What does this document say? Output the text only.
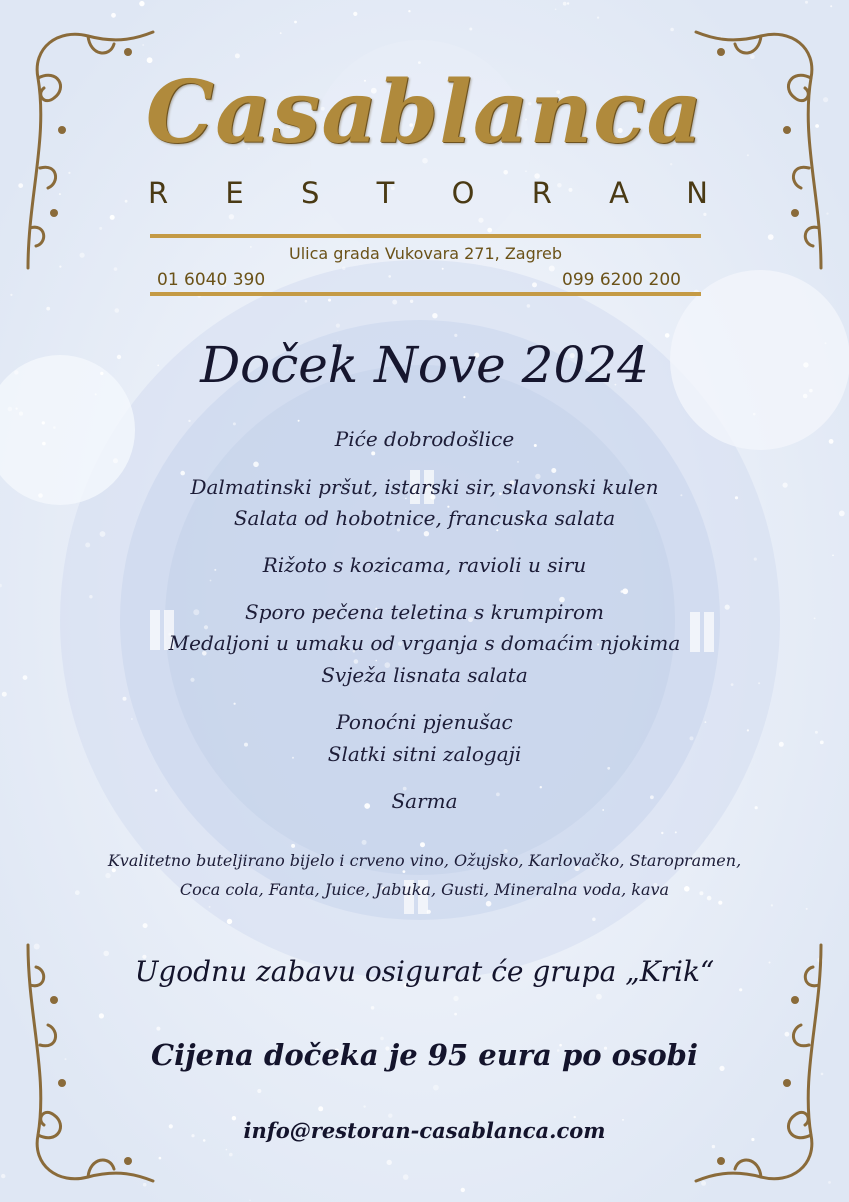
Casablanca
R E S T O R A N
Ulica grada Vukovara 271, Zagreb
01 6040 390	099 6200 200
Doček Nove 2024
Piće dobrodošlice
Dalmatinski pršut, istarski sir, slavonski kulen
Salata od hobotnice, francuska salata
Rižoto s kozicama, ravioli u siru
Sporo pečena teletina s krumpirom
Medaljoni u umaku od vrganja s domaćim njokima
Svježa lisnata salata
Ponoćni pjenušac
Slatki sitni zalogaji
Sarma
Kvalitetno buteljirano bijelo i crveno vino, Ožujsko, Karlovačko, Staropramen,
Coca cola, Fanta, Juice, Jabuka, Gusti, Mineralna voda, kava
Ugodnu zabavu osigurat će grupa „Krik“
Cijena dočeka je 95 eura po osobi
info@restoran-casablanca.com
